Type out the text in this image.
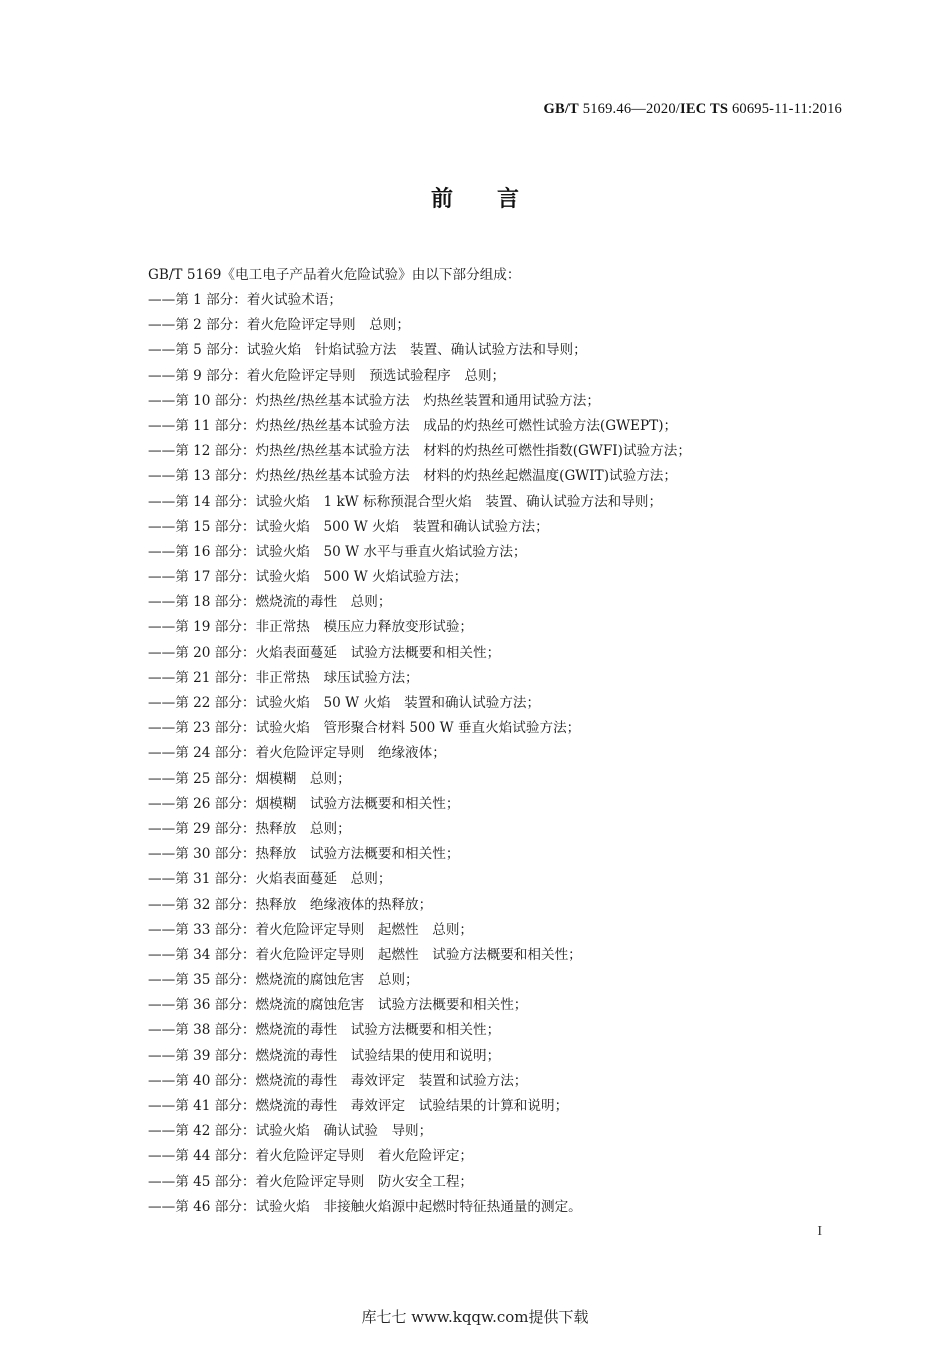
GB/T 5169.46—2020/IEC TS 60695-11-11:2016
前言
GB/T 5169《电工电子产品着火危险试验》由以下部分组成：
——第 1 部分：着火试验术语；
——第 2 部分：着火危险评定导则　总则；
——第 5 部分：试验火焰　针焰试验方法　装置、确认试验方法和导则；
——第 9 部分：着火危险评定导则　预选试验程序　总则；
——第 10 部分：灼热丝/热丝基本试验方法　灼热丝装置和通用试验方法；
——第 11 部分：灼热丝/热丝基本试验方法　成品的灼热丝可燃性试验方法(GWEPT)；
——第 12 部分：灼热丝/热丝基本试验方法　材料的灼热丝可燃性指数(GWFI)试验方法；
——第 13 部分：灼热丝/热丝基本试验方法　材料的灼热丝起燃温度(GWIT)试验方法；
——第 14 部分：试验火焰　1 kW 标称预混合型火焰　装置、确认试验方法和导则；
——第 15 部分：试验火焰　500 W 火焰　装置和确认试验方法；
——第 16 部分：试验火焰　50 W 水平与垂直火焰试验方法；
——第 17 部分：试验火焰　500 W 火焰试验方法；
——第 18 部分：燃烧流的毒性　总则；
——第 19 部分：非正常热　模压应力释放变形试验；
——第 20 部分：火焰表面蔓延　试验方法概要和相关性；
——第 21 部分：非正常热　球压试验方法；
——第 22 部分：试验火焰　50 W 火焰　装置和确认试验方法；
——第 23 部分：试验火焰　管形聚合材料 500 W 垂直火焰试验方法；
——第 24 部分：着火危险评定导则　绝缘液体；
——第 25 部分：烟模糊　总则；
——第 26 部分：烟模糊　试验方法概要和相关性；
——第 29 部分：热释放　总则；
——第 30 部分：热释放　试验方法概要和相关性；
——第 31 部分：火焰表面蔓延　总则；
——第 32 部分：热释放　绝缘液体的热释放；
——第 33 部分：着火危险评定导则　起燃性　总则；
——第 34 部分：着火危险评定导则　起燃性　试验方法概要和相关性；
——第 35 部分：燃烧流的腐蚀危害　总则；
——第 36 部分：燃烧流的腐蚀危害　试验方法概要和相关性；
——第 38 部分：燃烧流的毒性　试验方法概要和相关性；
——第 39 部分：燃烧流的毒性　试验结果的使用和说明；
——第 40 部分：燃烧流的毒性　毒效评定　装置和试验方法；
——第 41 部分：燃烧流的毒性　毒效评定　试验结果的计算和说明；
——第 42 部分：试验火焰　确认试验　导则；
——第 44 部分：着火危险评定导则　着火危险评定；
——第 45 部分：着火危险评定导则　防火安全工程；
——第 46 部分：试验火焰　非接触火焰源中起燃时特征热通量的测定。
I
库七七 www.kqqw.com提供下载
